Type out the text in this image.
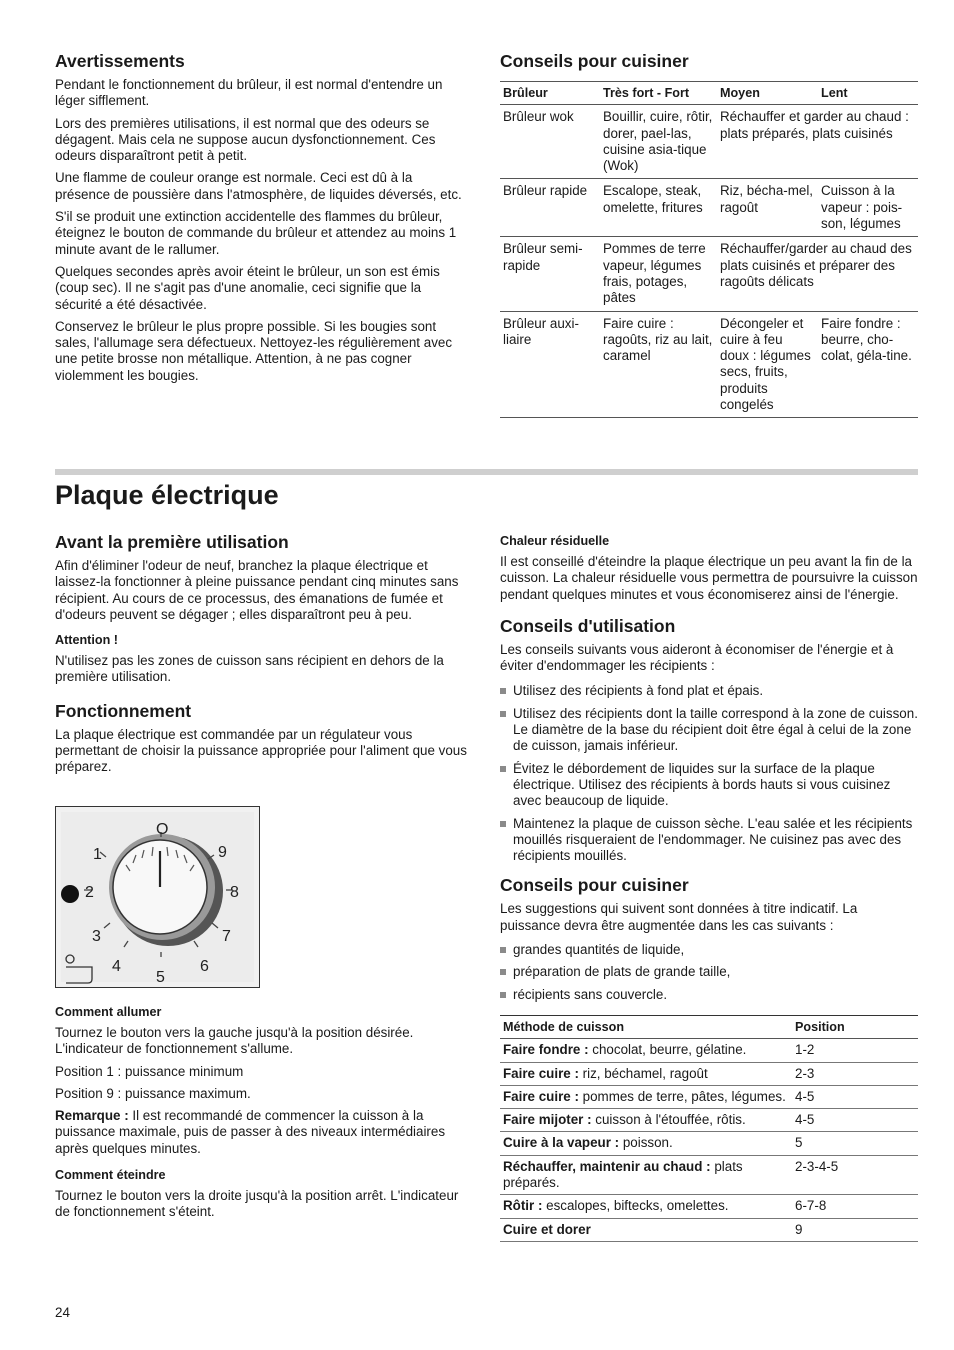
Avertissements

Pendant le fonctionnement du brûleur, il est normal d'entendre un léger sifflement.

Lors des premières utilisations, il est normal que des odeurs se dégagent. Mais cela ne suppose aucun dysfonctionnement. Ces odeurs disparaîtront petit à petit.

Une flamme de couleur orange est normale. Ceci est dû à la présence de poussière dans l'atmosphère, de liquides déversés, etc.

S'il se produit une extinction accidentelle des flammes du brûleur, éteignez le bouton de commande du brûleur et attendez au moins 1 minute avant de le rallumer.

Quelques secondes après avoir éteint le brûleur, un son est émis (coup sec). Il ne s'agit pas d'une anomalie, ceci signifie que la sécurité a été désactivée.

Conservez le brûleur le plus propre possible. Si les bougies sont sales, l'allumage sera défectueux. Nettoyez-les régulièrement avec une petite brosse non métallique. Attention, à ne pas cogner violemment les bougies.

Conseils pour cuisiner
Brûleur	Très fort - Fort	Moyen	Lent
Brûleur wok	Bouillir, cuire, rôtir, dorer, pael-las, cuisine asia-tique (Wok)	Réchauffer et garder au chaud : plats préparés, plats cuisinés	
Brûleur rapide	Escalope, steak, omelette, fritures	Riz, bécha-mel, ragoût	Cuisson à la vapeur : pois-son, légumes
Brûleur semi-rapide	Pommes de terre vapeur, légumes frais, potages, pâtes	Réchauffer/garder au chaud des plats cuisinés et préparer des ragoûts délicats	
Brûleur auxi-liaire	Faire cuire : ragoûts, riz au lait, caramel	Décongeler et cuire à feu doux : légumes secs, fruits, produits congelés	Faire fondre : beurre, cho-colat, géla-tine.
Plaque électrique
Avant la première utilisation

Afin d'éliminer l'odeur de neuf, branchez la plaque électrique et laissez-la fonctionner à pleine puissance pendant cinq minutes sans récipient. Au cours de ce processus, des émanations de fumée et d'odeurs peuvent se dégager ; elles disparaîtront peu à peu.

Attention !

N'utilisez pas les zones de cuisson sans récipient en dehors de la première utilisation.

Fonctionnement

La plaque électrique est commandée par un régulateur vous permettant de choisir la puissance appropriée pour l'aliment que vous préparez.

O
1
2
3
4
5
6
7
8
9
Comment allumer

Tournez le bouton vers la gauche jusqu'à la position désirée. L'indicateur de fonctionnement s'allume.

Position 1 : puissance minimum

Position 9 : puissance maximum.

Remarque : Il est recommandé de commencer la cuisson à la puissance maximale, puis de passer à des niveaux intermédiaires après quelques minutes.

Comment éteindre

Tournez le bouton vers la droite jusqu'à la position arrêt. L'indicateur de fonctionnement s'éteint.

Chaleur résiduelle

Il est conseillé d'éteindre la plaque électrique un peu avant la fin de la cuisson. La chaleur résiduelle vous permettra de poursuivre la cuisson pendant quelques minutes et vous économiserez ainsi de l'énergie.

Conseils d'utilisation

Les conseils suivants vous aideront à économiser de l'énergie et à éviter d'endommager les récipients :

Utilisez des récipients à fond plat et épais.
Utilisez des récipients dont la taille correspond à la zone de cuisson. Le diamètre de la base du récipient doit être égal à celui de la zone de cuisson, jamais inférieur.
Évitez le débordement de liquides sur la surface de la plaque électrique. Utilisez des récipients à bords hauts si vous cuisinez avec beaucoup de liquide.
Maintenez la plaque de cuisson sèche. L'eau salée et les récipients mouillés risqueraient de l'endommager. Ne cuisinez pas avec des récipients mouillés.
Conseils pour cuisiner

Les suggestions qui suivent sont données à titre indicatif. La puissance devra être augmentée dans les cas suivants :

grandes quantités de liquide,
préparation de plats de grande taille,
récipients sans couvercle.
Méthode de cuisson	Position
Faire fondre : chocolat, beurre, gélatine.	1-2
Faire cuire : riz, béchamel, ragoût	2-3
Faire cuire : pommes de terre, pâtes, légumes.	4-5
Faire mijoter : cuisson à l'étouffée, rôtis.	4-5
Cuire à la vapeur : poisson.	5
Réchauffer, maintenir au chaud : plats préparés.	2-3-4-5
Rôtir : escalopes, biftecks, omelettes.	6-7-8
Cuire et dorer	9
24
